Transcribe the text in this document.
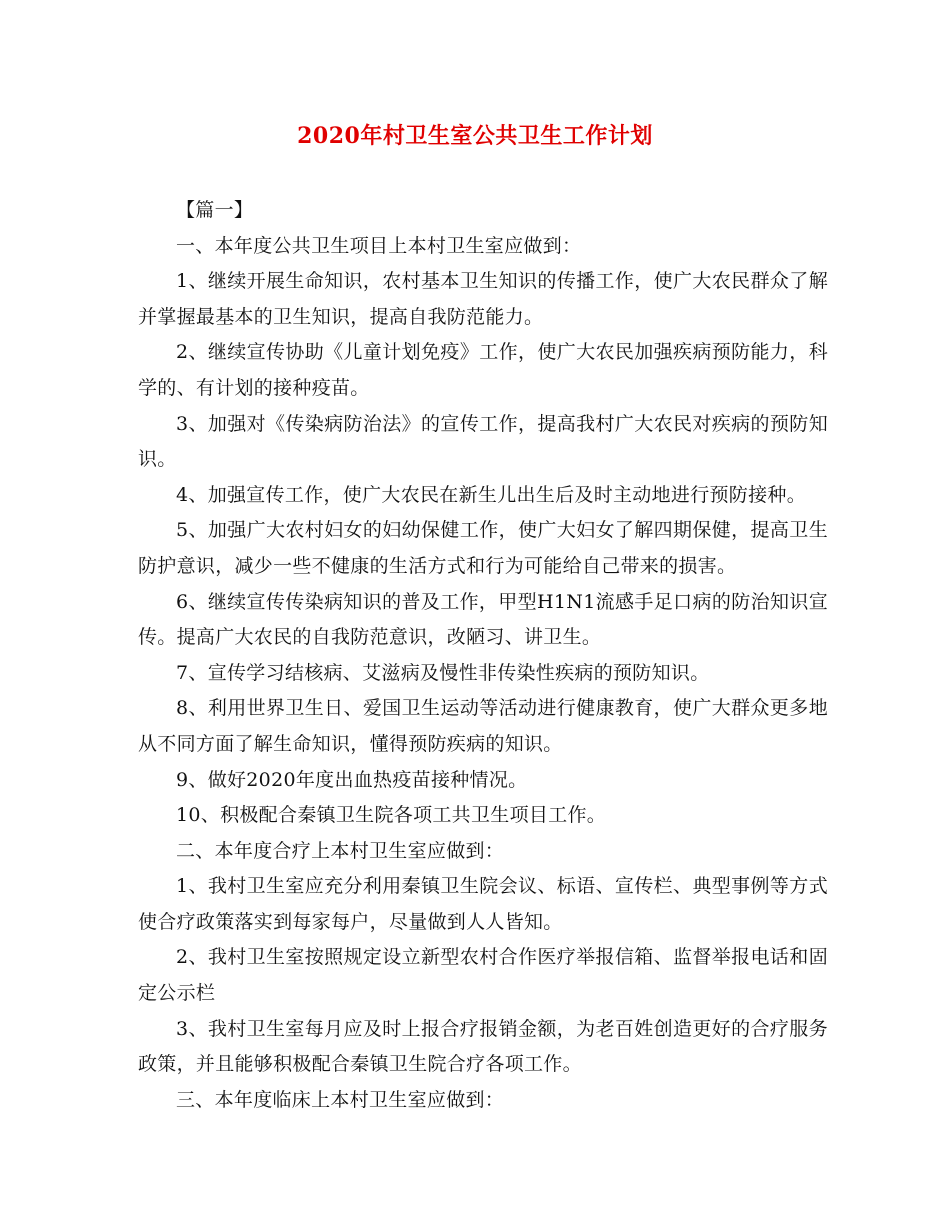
2020年村卫生室公共卫生工作计划

【篇一】

一、本年度公共卫生项目上本村卫生室应做到：

1、继续开展生命知识，农村基本卫生知识的传播工作，使广大农民群众了解并掌握最基本的卫生知识，提高自我防范能力。

2、继续宣传协助《儿童计划免疫》工作，使广大农民加强疾病预防能力，科学的、有计划的接种疫苗。

3、加强对《传染病防治法》的宣传工作，提高我村广大农民对疾病的预防知识。

4、加强宣传工作，使广大农民在新生儿出生后及时主动地进行预防接种。

5、加强广大农村妇女的妇幼保健工作，使广大妇女了解四期保健，提高卫生防护意识，减少一些不健康的生活方式和行为可能给自己带来的损害。

6、继续宣传传染病知识的普及工作，甲型H1N1流感手足口病的防治知识宣传。提高广大农民的自我防范意识，改陋习、讲卫生。

7、宣传学习结核病、艾滋病及慢性非传染性疾病的预防知识。

8、利用世界卫生日、爱国卫生运动等活动进行健康教育，使广大群众更多地从不同方面了解生命知识，懂得预防疾病的知识。

9、做好2020年度出血热疫苗接种情况。

10、积极配合秦镇卫生院各项工共卫生项目工作。

二、本年度合疗上本村卫生室应做到：

1、我村卫生室应充分利用秦镇卫生院会议、标语、宣传栏、典型事例等方式使合疗政策落实到每家每户，尽量做到人人皆知。

2、我村卫生室按照规定设立新型农村合作医疗举报信箱、监督举报电话和固定公示栏

3、我村卫生室每月应及时上报合疗报销金额，为老百姓创造更好的合疗服务政策，并且能够积极配合秦镇卫生院合疗各项工作。

三、本年度临床上本村卫生室应做到：
